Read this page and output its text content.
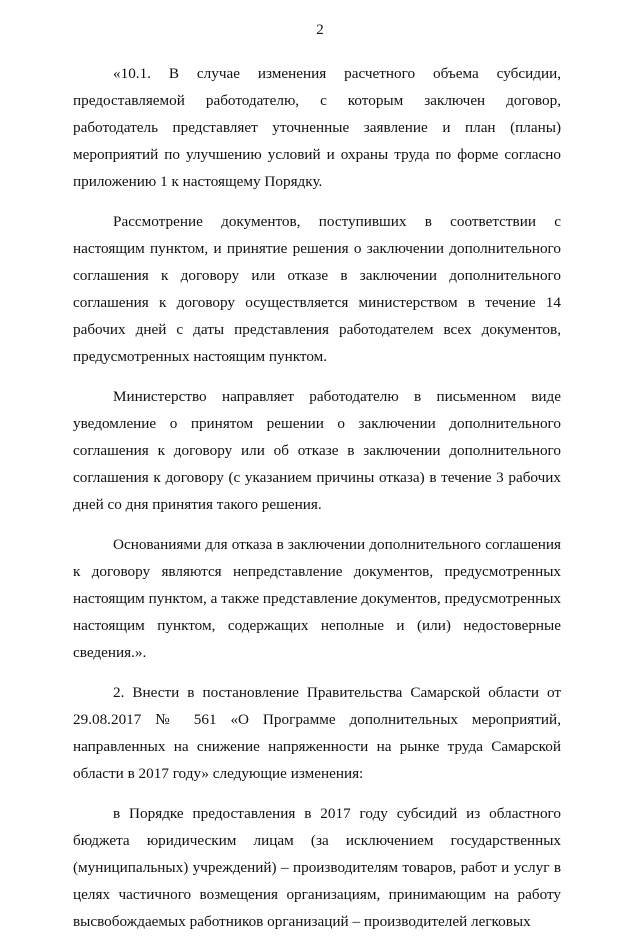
2

«10.1. В случае изменения расчетного объема субсидии, предоставляемой работодателю, с которым заключен договор, работодатель представляет уточненные заявление и план (планы) мероприятий по улучшению условий и охраны труда по форме согласно приложению 1 к настоящему Порядку.

Рассмотрение документов, поступивших в соответствии с настоящим пунктом, и принятие решения о заключении дополнительного соглашения к договору или отказе в заключении дополнительного соглашения к договору осуществляется министерством в течение 14 рабочих дней с даты представления работодателем всех документов, предусмотренных настоящим пунктом.

Министерство направляет работодателю в письменном виде уведомление о принятом решении о заключении дополнительного соглашения к договору или об отказе в заключении дополнительного соглашения к договору (с указанием причины отказа) в течение 3 рабочих дней со дня принятия такого решения.

Основаниями для отказа в заключении дополнительного соглашения к договору являются непредставление документов, предусмотренных настоящим пунктом, а также представление документов, предусмотренных настоящим пунктом, содержащих неполные и (или) недостоверные сведения.».

2. Внести в постановление Правительства Самарской области от 29.08.2017 № 561 «О Программе дополнительных мероприятий, направленных на снижение напряженности на рынке труда Самарской области в 2017 году» следующие изменения:

в Порядке предоставления в 2017 году субсидий из областного бюджета юридическим лицам (за исключением государственных (муниципальных) учреждений) – производителям товаров, работ и услуг в целях частичного возмещения организациям, принимающим на работу высвобождаемых работников организаций – производителей легковых
